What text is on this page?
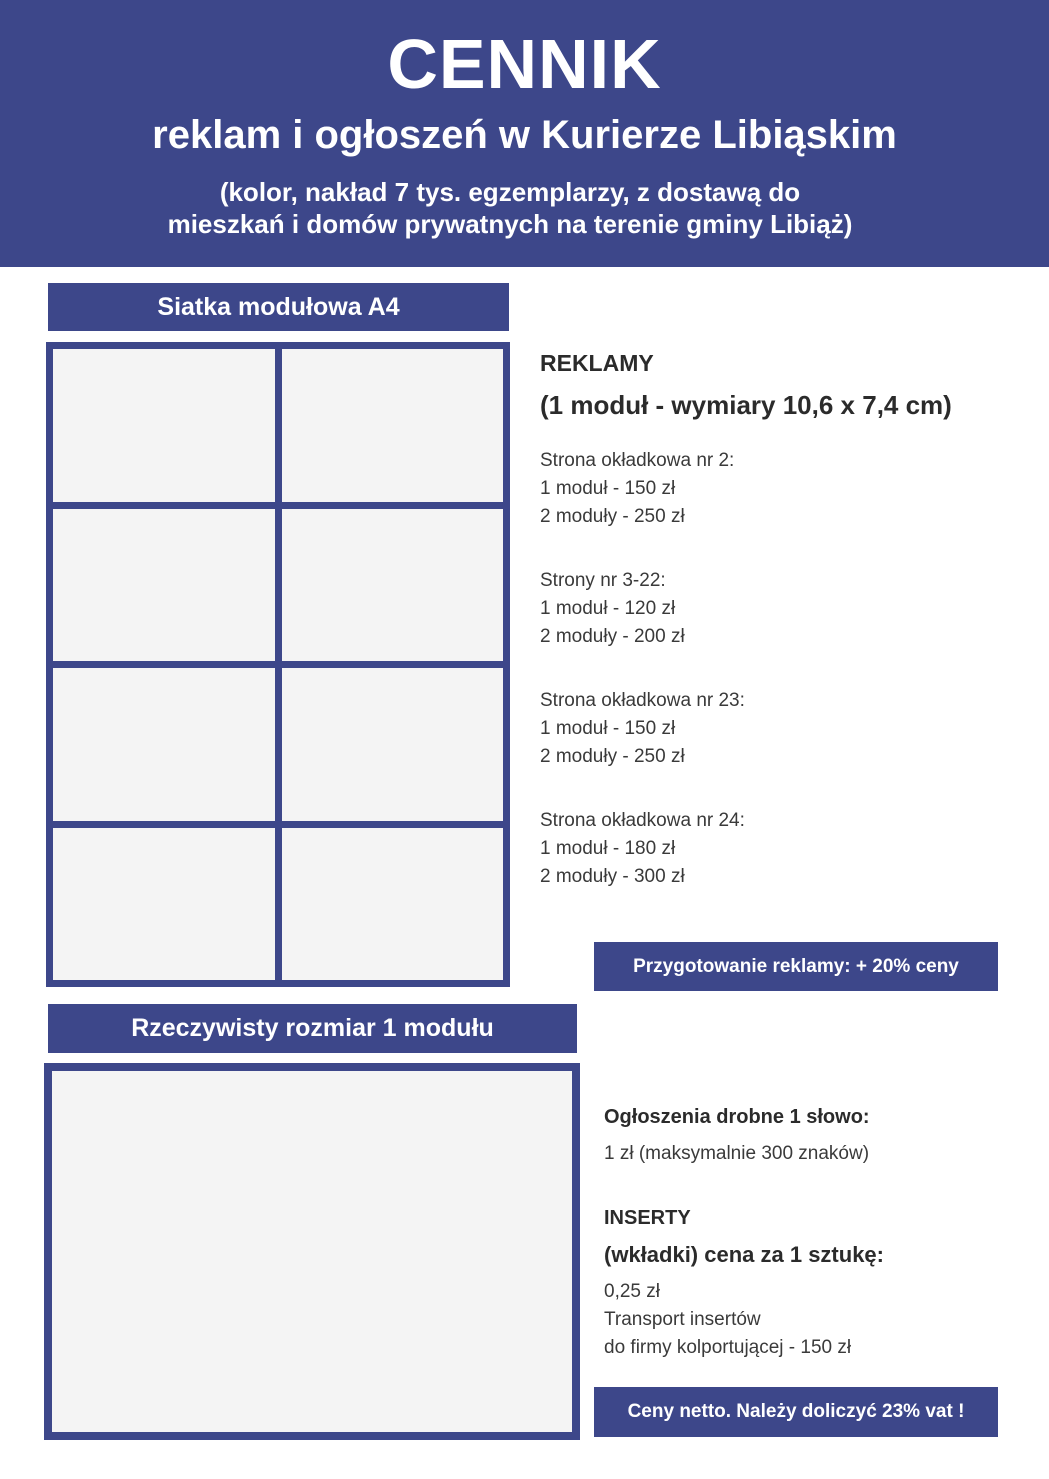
CENNIK
reklam i ogłoszeń w Kurierze Libiąskim
(kolor, nakład 7 tys. egzemplarzy, z dostawą do
mieszkań i domów prywatnych na terenie gminy Libiąż)
Siatka modułowa A4
Rzeczywisty rozmiar 1 modułu
REKLAMY
(1 moduł - wymiary 10,6 x 7,4 cm)
Strona okładkowa nr 2:
1 moduł - 150 zł
2 moduły - 250 zł
Strony nr 3-22:
1 moduł - 120 zł
2 moduły - 200 zł
Strona okładkowa nr 23:
1 moduł - 150 zł
2 moduły - 250 zł
Strona okładkowa nr 24:
1 moduł - 180 zł
2 moduły - 300 zł
Przygotowanie reklamy: + 20% ceny
Ogłoszenia drobne 1 słowo:
1 zł (maksymalnie 300 znaków)
INSERTY
(wkładki) cena za 1 sztukę:
0,25 zł
Transport insertów
do firmy kolportującej - 150 zł
Ceny netto. Należy doliczyć 23% vat !
